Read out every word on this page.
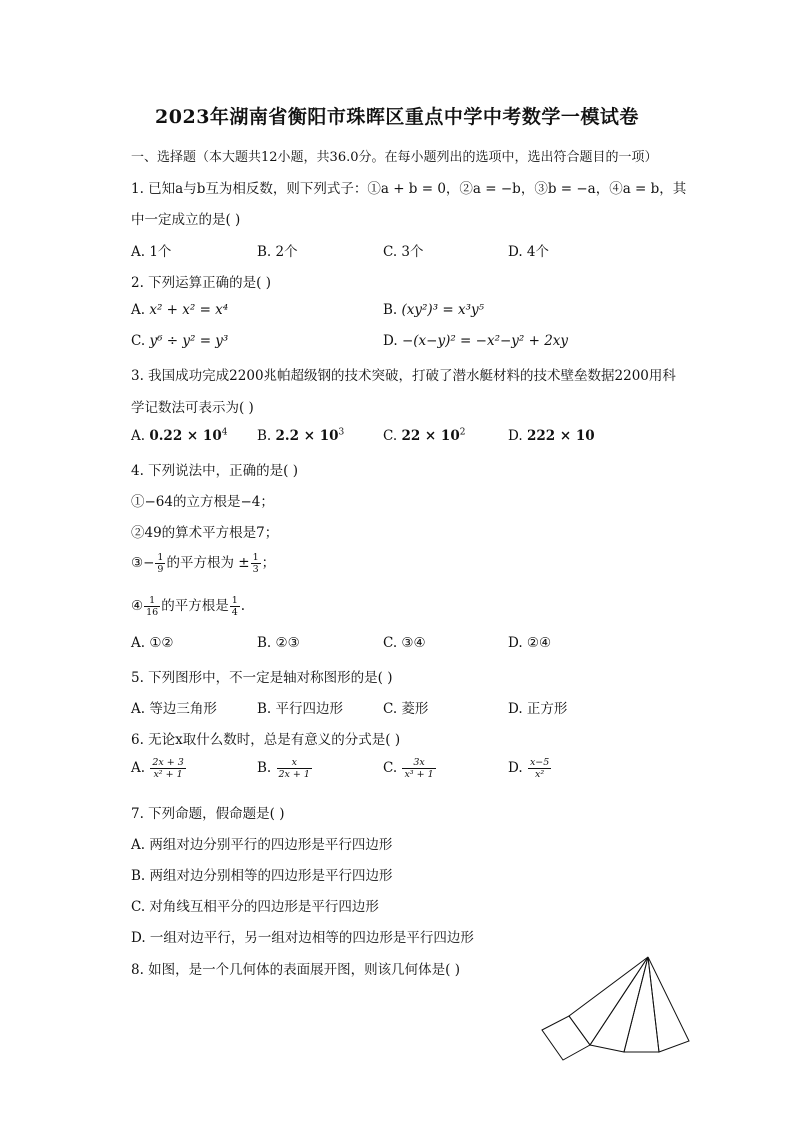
2023年湖南省衡阳市珠晖区重点中学中考数学一模试卷
一、选择题（本大题共12小题，共36.0分。在每小题列出的选项中，选出符合题目的一项）
1. 已知a与b互为相反数，则下列式子：①a + b = 0，②a = −b，③b = −a，④a = b，其
中一定成立的是( )
A. 1个	B. 2个	C. 3个	D. 4个
2. 下列运算正确的是( )
A. x² + x² = x⁴	B. (xy²)³ = x³y⁵
C. y⁶ ÷ y² = y³	D. −(x−y)² = −x²−y² + 2xy
3. 我国成功完成2200兆帕超级钢的技术突破，打破了潜水艇材料的技术壁垒数据2200用科
学记数法可表示为( )
A. $0.22 \times 10^4$ B. $2.2 \times 10^3$	C. $22 \times 10^2$	D. 222 × 10
4. 下列说法中，正确的是( )
①−64的立方根是−4；
②49的算术平方根是7；
③− $\frac{1}{9}$ 的平方根为 ± $\frac{1}{3}$ ；
④ $\frac{1}{16}$ 的平方根是 $\frac{1}{4}$ .
A. ①②	B. ②③	C. ③④	D. ②④
5. 下列图形中，不一定是轴对称图形的是( )
A. 等边三角形	B. 平行四边形	C. 菱形	D. 正方形
6. 无论x取什么数时，总是有意义的分式是( )
A. $\frac{2x + 3}{\text{x² + 1}}$	B. $\frac{x}{2x + 1}$	C. $\frac{3x}{\text{x³ + 1}}$	D. $\frac{x-5}{\text{x²}}$
7. 下列命题，假命题是( )
A. 两组对边分别平行的四边形是平行四边形
B. 两组对边分别相等的四边形是平行四边形
C. 对角线互相平分的四边形是平行四边形
D. 一组对边平行，另一组对边相等的四边形是平行四边形
8. 如图，是一个几何体的表面展开图，则该几何体是( )
